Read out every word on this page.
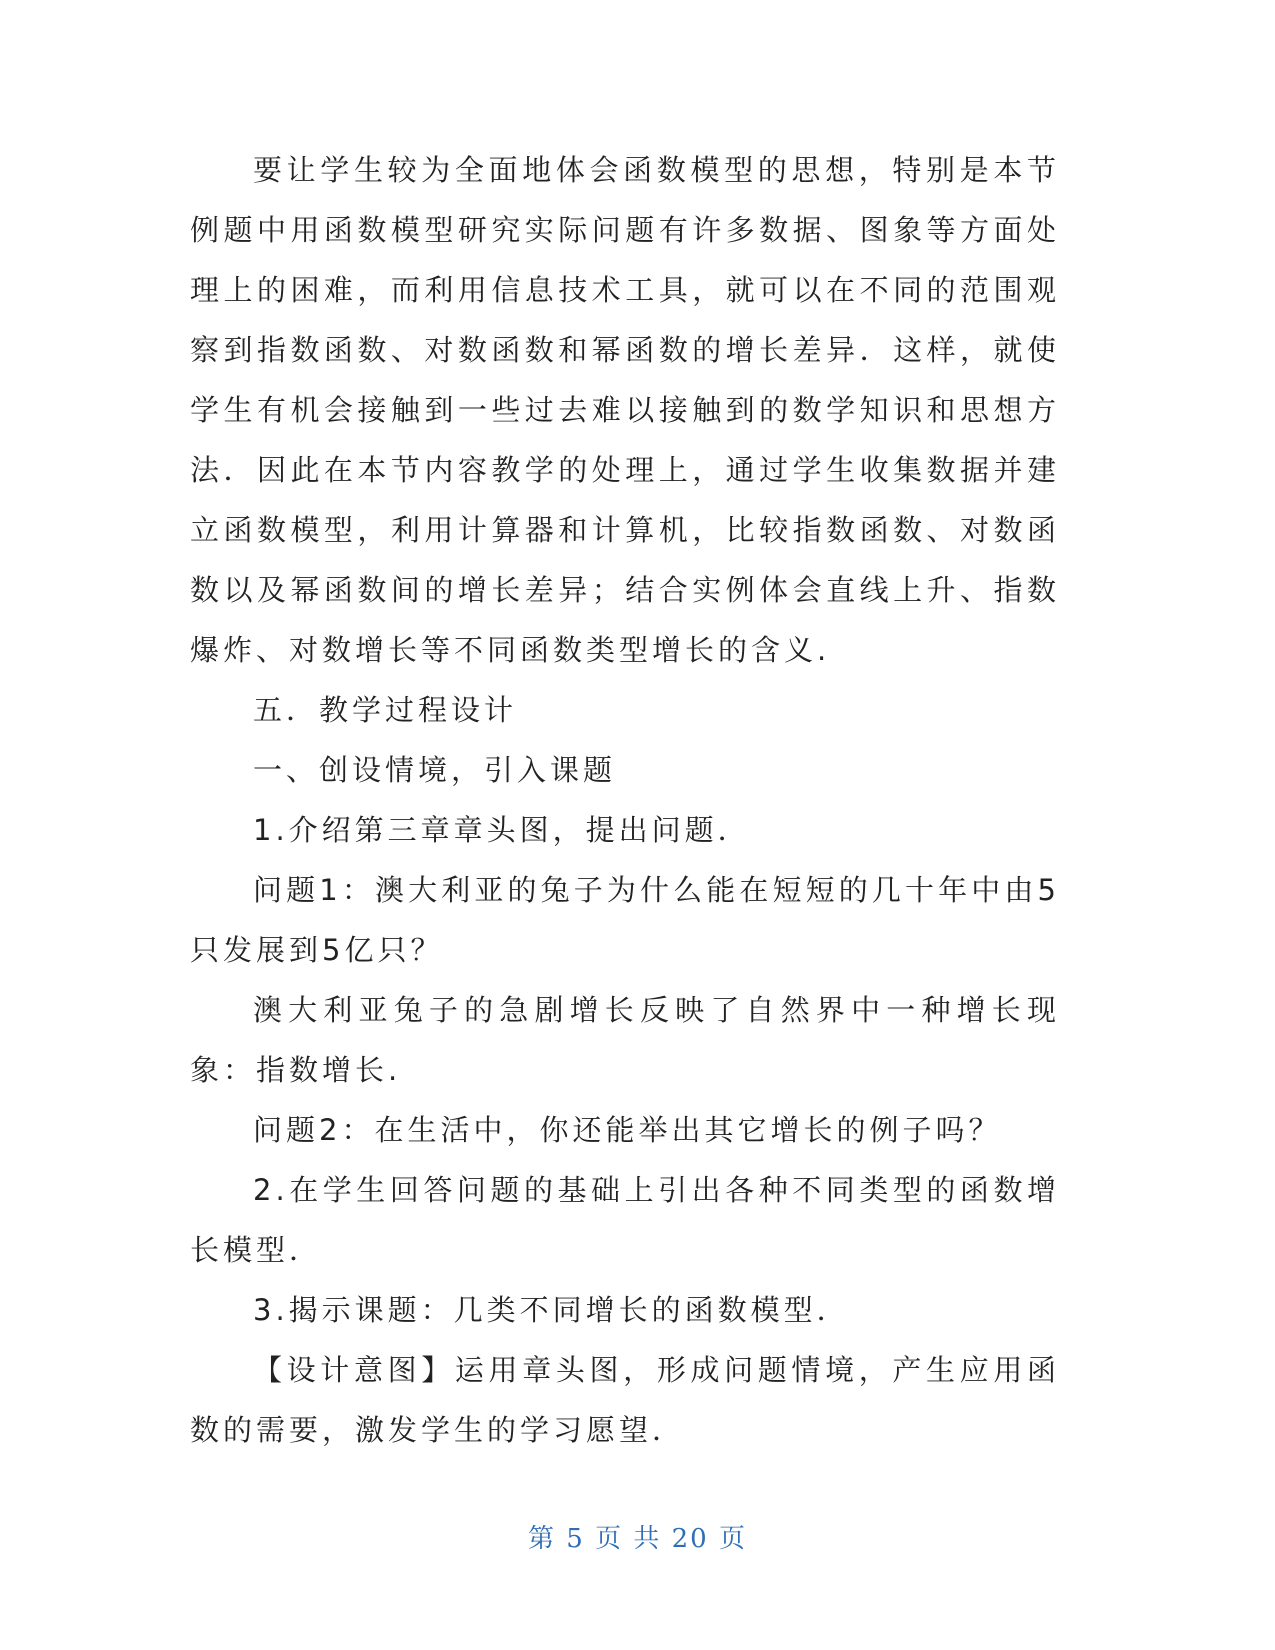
要让学生较为全面地体会函数模型的思想，特别是本节例题中用函数模型研究实际问题有许多数据、图象等方面处理上的困难，而利用信息技术工具，就可以在不同的范围观察到指数函数、对数函数和幂函数的增长差异．这样，就使学生有机会接触到一些过去难以接触到的数学知识和思想方法．因此在本节内容教学的处理上，通过学生收集数据并建立函数模型，利用计算器和计算机，比较指数函数、对数函数以及幂函数间的增长差异；结合实例体会直线上升、指数爆炸、对数增长等不同函数类型增长的含义.

五．教学过程设计

一、创设情境，引入课题

1.介绍第三章章头图，提出问题．

问题1：澳大利亚的兔子为什么能在短短的几十年中由5只发展到5亿只？

澳大利亚兔子的急剧增长反映了自然界中一种增长现象：指数增长.

问题2：在生活中，你还能举出其它增长的例子吗？

2.在学生回答问题的基础上引出各种不同类型的函数增长模型．

3.揭示课题：几类不同增长的函数模型．

【设计意图】运用章头图，形成问题情境，产生应用函数的需要，激发学生的学习愿望．

第 5 页 共 20 页
